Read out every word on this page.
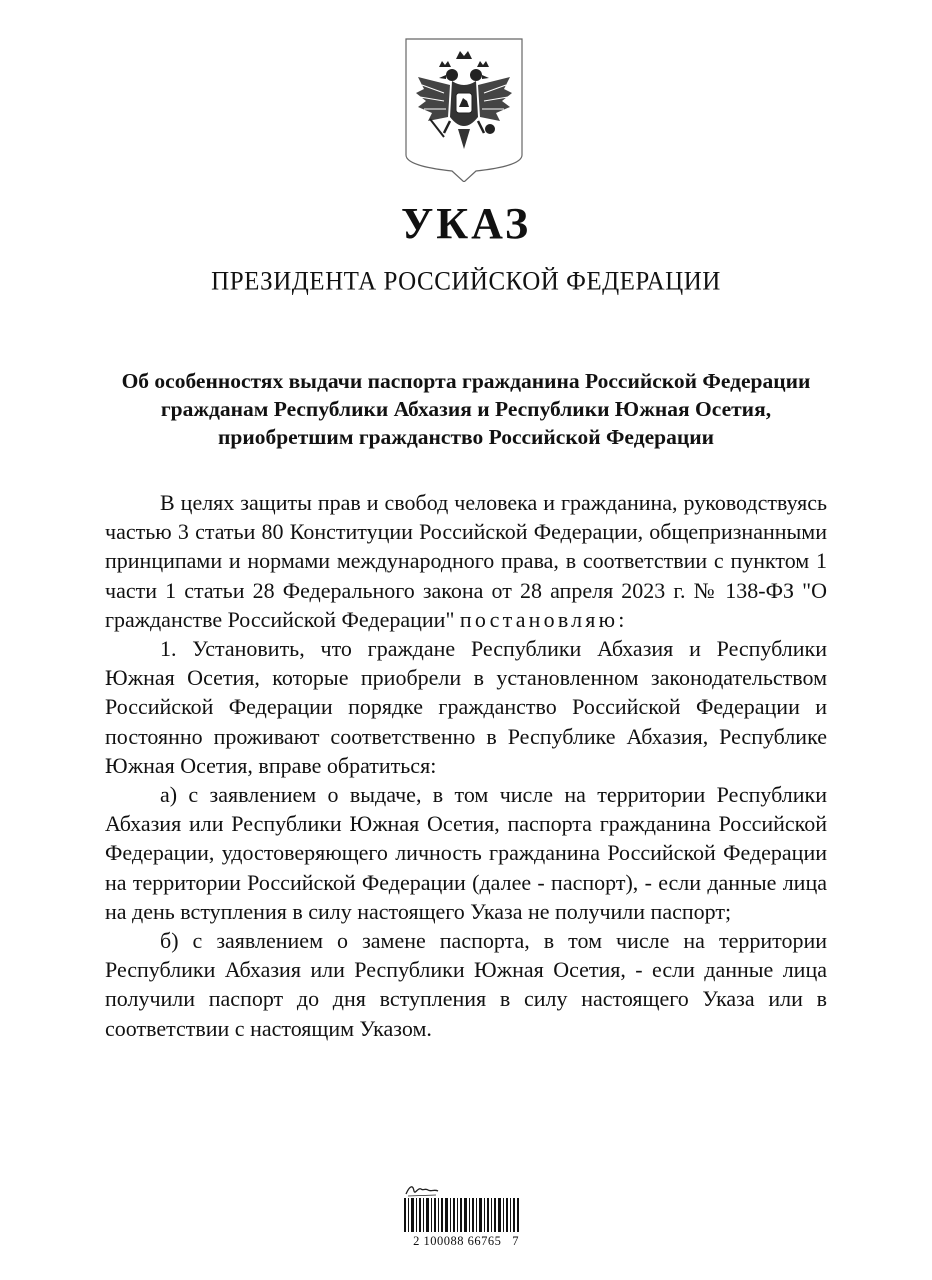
УКАЗ
ПРЕЗИДЕНТА РОССИЙСКОЙ ФЕДЕРАЦИИ
Об особенностях выдачи паспорта гражданина Российской Федерации гражданам Республики Абхазия и Республики Южная Осетия, приобретшим гражданство Российской Федерации

В целях защиты прав и свобод человека и гражданина, руководствуясь частью 3 статьи 80 Конституции Российской Федерации, общепризнанными принципами и нормами международного права, в соответствии с пунктом 1 части 1 статьи 28 Федерального закона от 28 апреля 2023 г. № 138-ФЗ "О гражданстве Российской Федерации" постановляю:

1. Установить, что граждане Республики Абхазия и Республики Южная Осетия, которые приобрели в установленном законодательством Российской Федерации порядке гражданство Российской Федерации и постоянно проживают соответственно в Республике Абхазия, Республике Южная Осетия, вправе обратиться:

а) с заявлением о выдаче, в том числе на территории Республики Абхазия или Республики Южная Осетия, паспорта гражданина Российской Федерации, удостоверяющего личность гражданина Российской Федерации на территории Российской Федерации (далее - паспорт), - если данные лица на день вступления в силу настоящего Указа не получили паспорт;

б) с заявлением о замене паспорта, в том числе на территории Республики Абхазия или Республики Южная Осетия, - если данные лица получили паспорт до дня вступления в силу настоящего Указа или в соответствии с настоящим Указом.

2 100088 66765   7
